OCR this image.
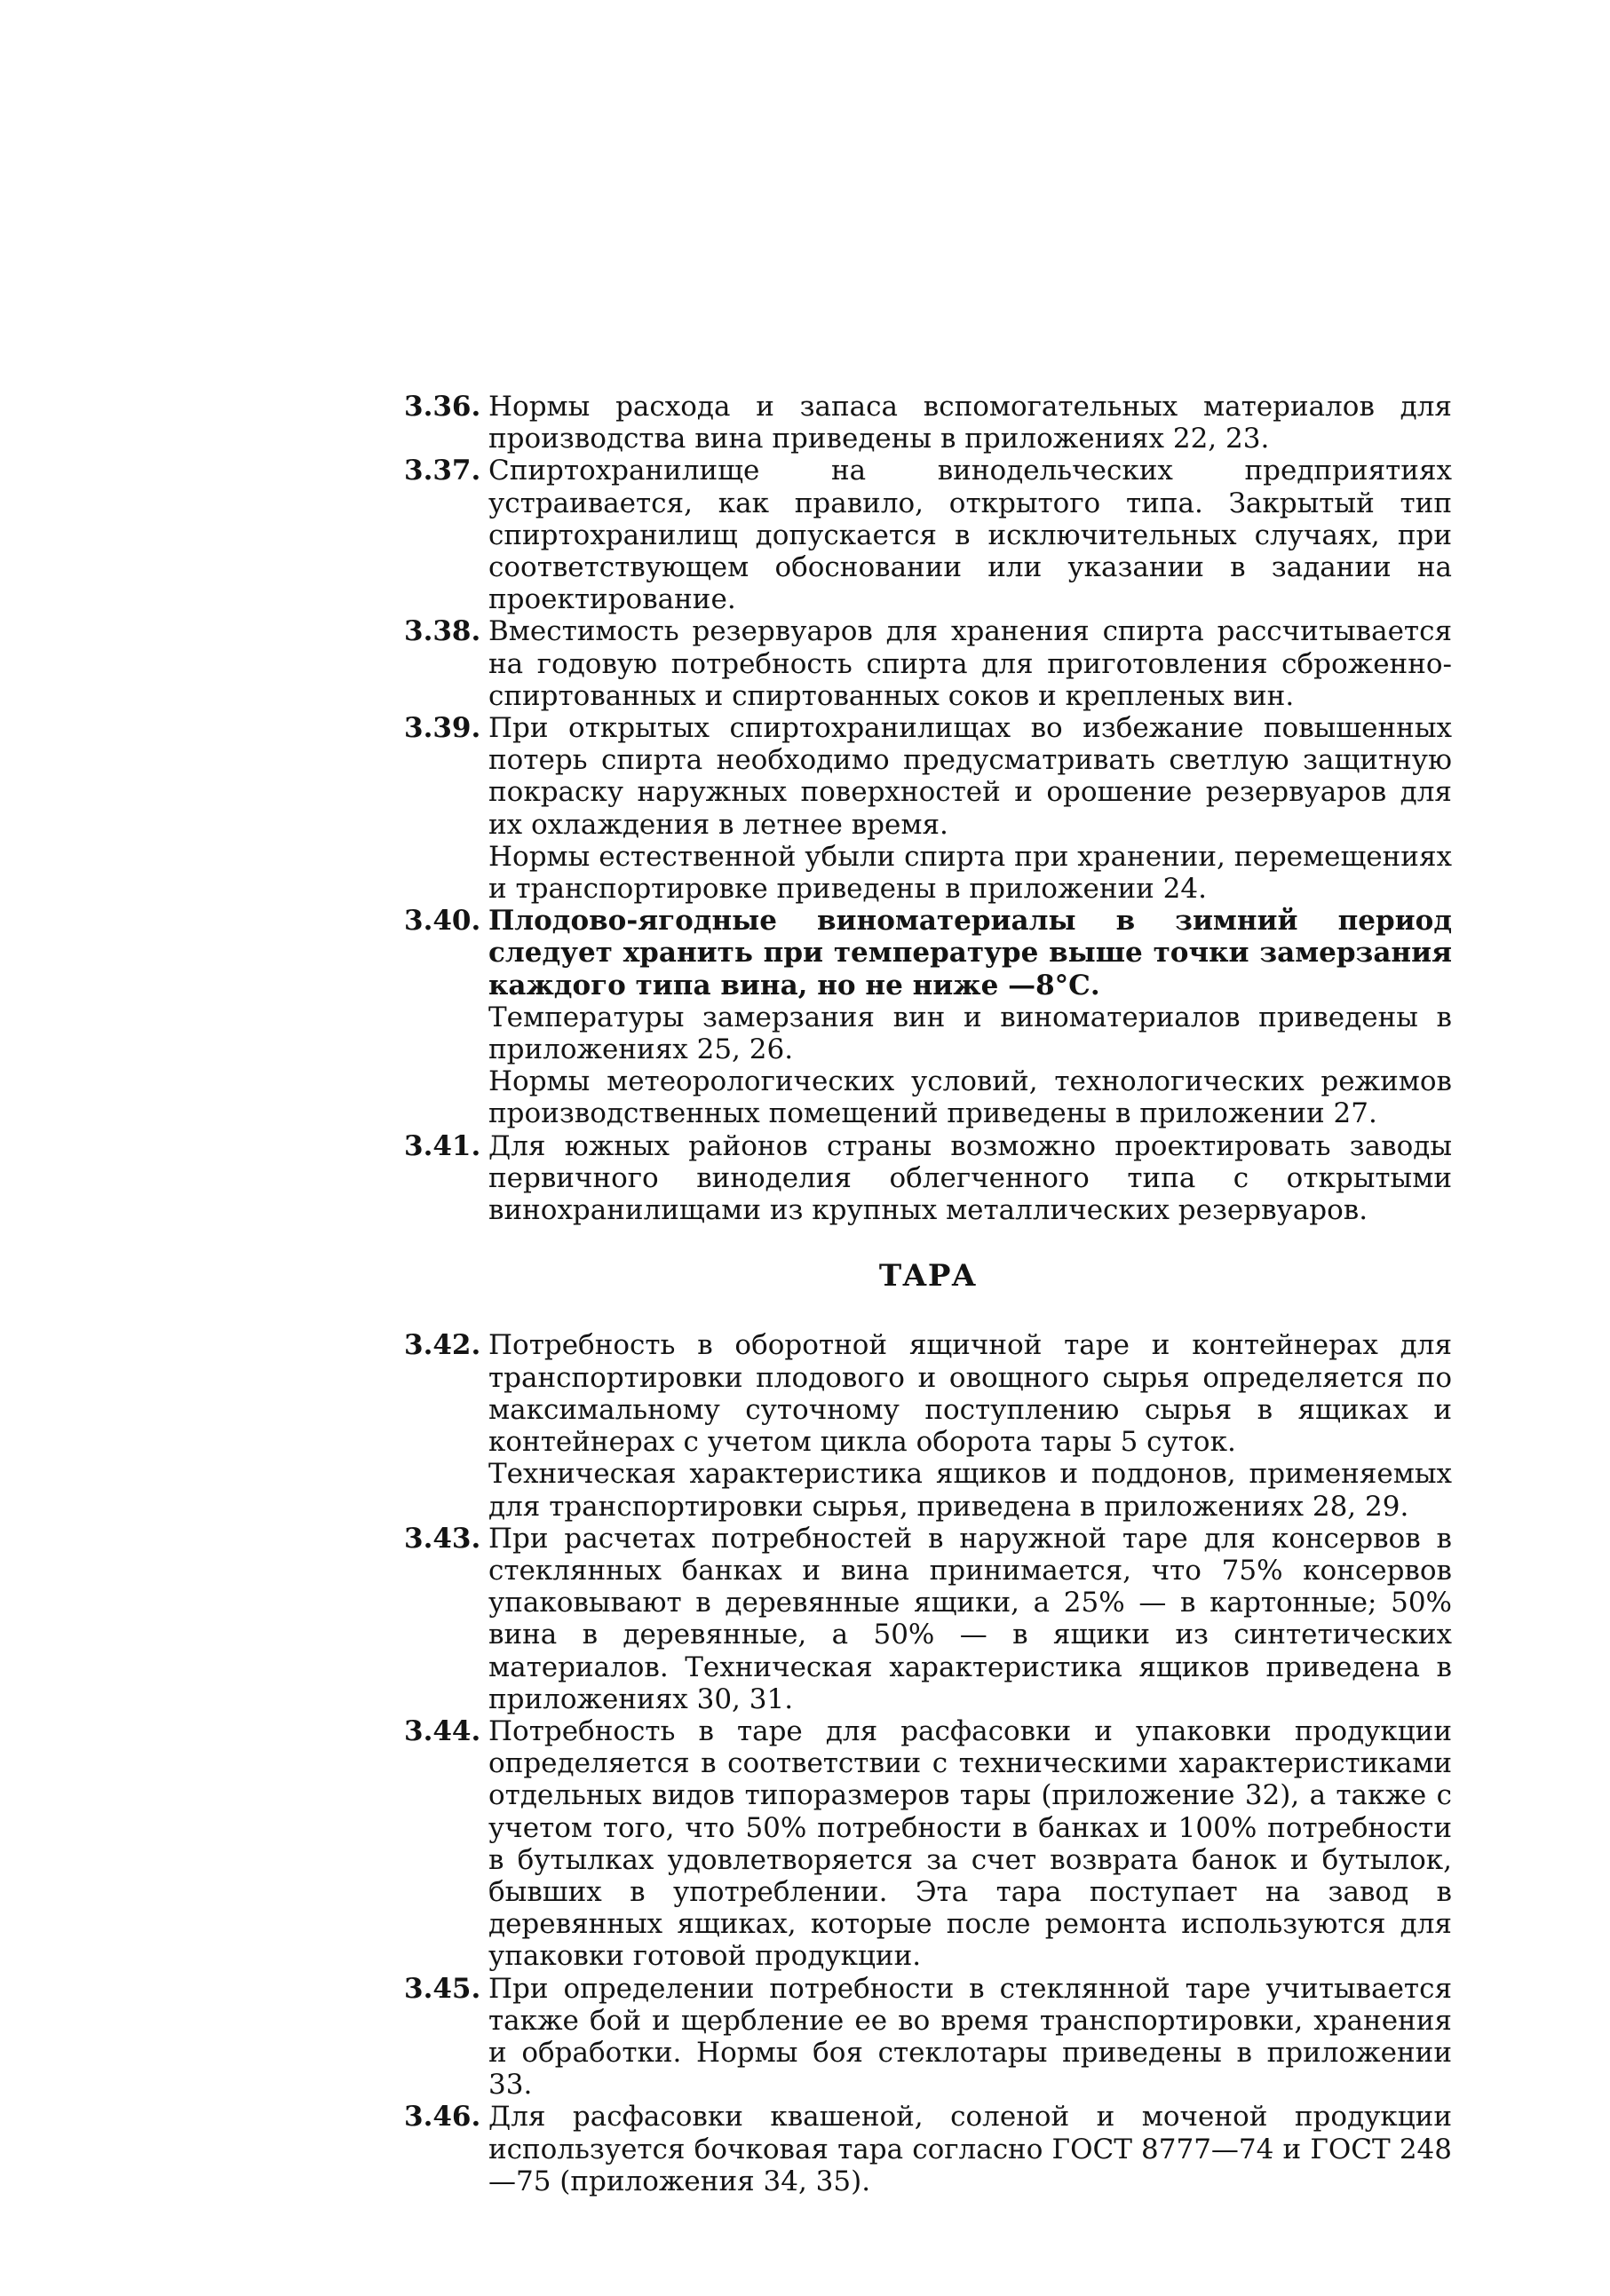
3.36. Нормы расхода и запаса вспомогательных материалов для производства вина приведены в приложениях 22, 23.
3.37. Спиртохранилище на винодельческих предприятиях устраивается, как правило, открытого типа. Закрытый тип спиртохранилищ допускается в исключительных случаях, при соответствующем обосновании или указании в задании на проектирование.
3.38. Вместимость резервуаров для хранения спирта рассчитывается на годовую потребность спирта для приготовления сброженно-спиртованных и спиртованных соков и крепленых вин.
3.39. При открытых спиртохранилищах во избежание повышенных потерь спирта необходимо предусматривать светлую защитную покраску наружных поверхностей и орошение резервуаров для их охлаждения в летнее время.
Нормы естественной убыли спирта при хранении, перемещениях и транспортировке приведены в приложении 24.
3.40. Плодово-ягодные виноматериалы в зимний период следует хранить при температуре выше точки замерзания каждого типа вина, но не ниже —8°С.
Температуры замерзания вин и виноматериалов приведены в приложениях 25, 26.
Нормы метеорологических условий, технологических режимов производственных помещений приведены в приложении 27.
3.41. Для южных районов страны возможно проектировать заводы первичного виноделия облегченного типа с открытыми винохранилищами из крупных металлических резервуаров.
ТАРА
3.42. Потребность в оборотной ящичной таре и контейнерах для транспортировки плодового и овощного сырья определяется по максимальному суточному поступлению сырья в ящиках и контейнерах с учетом цикла оборота тары 5 суток.
Техническая характеристика ящиков и поддонов, применяемых для транспортировки сырья, приведена в приложениях 28, 29.
3.43. При расчетах потребностей в наружной таре для консервов в стеклянных банках и вина принимается, что 75% консервов упаковывают в деревянные ящики, а 25% — в картонные; 50% вина в деревянные, а 50% — в ящики из синтетических материалов. Техническая характеристика ящиков приведена в приложениях 30, 31.
3.44. Потребность в таре для расфасовки и упаковки продукции определяется в соответствии с техническими характеристиками отдельных видов типоразмеров тары (приложение 32), а также с учетом того, что 50% потребности в банках и 100% потребности в бутылках удовлетворяется за счет возврата банок и бутылок, бывших в употреблении. Эта тара поступает на завод в деревянных ящиках, которые после ремонта используются для упаковки готовой продукции.
3.45. При определении потребности в стеклянной таре учитывается также бой и щербление ее во время транспортировки, хранения и обработки. Нормы боя стеклотары приведены в приложении 33.
3.46. Для расфасовки квашеной, соленой и моченой продукции используется бочковая тара согласно ГОСТ 8777—74 и ГОСТ 248—75 (приложения 34, 35).
